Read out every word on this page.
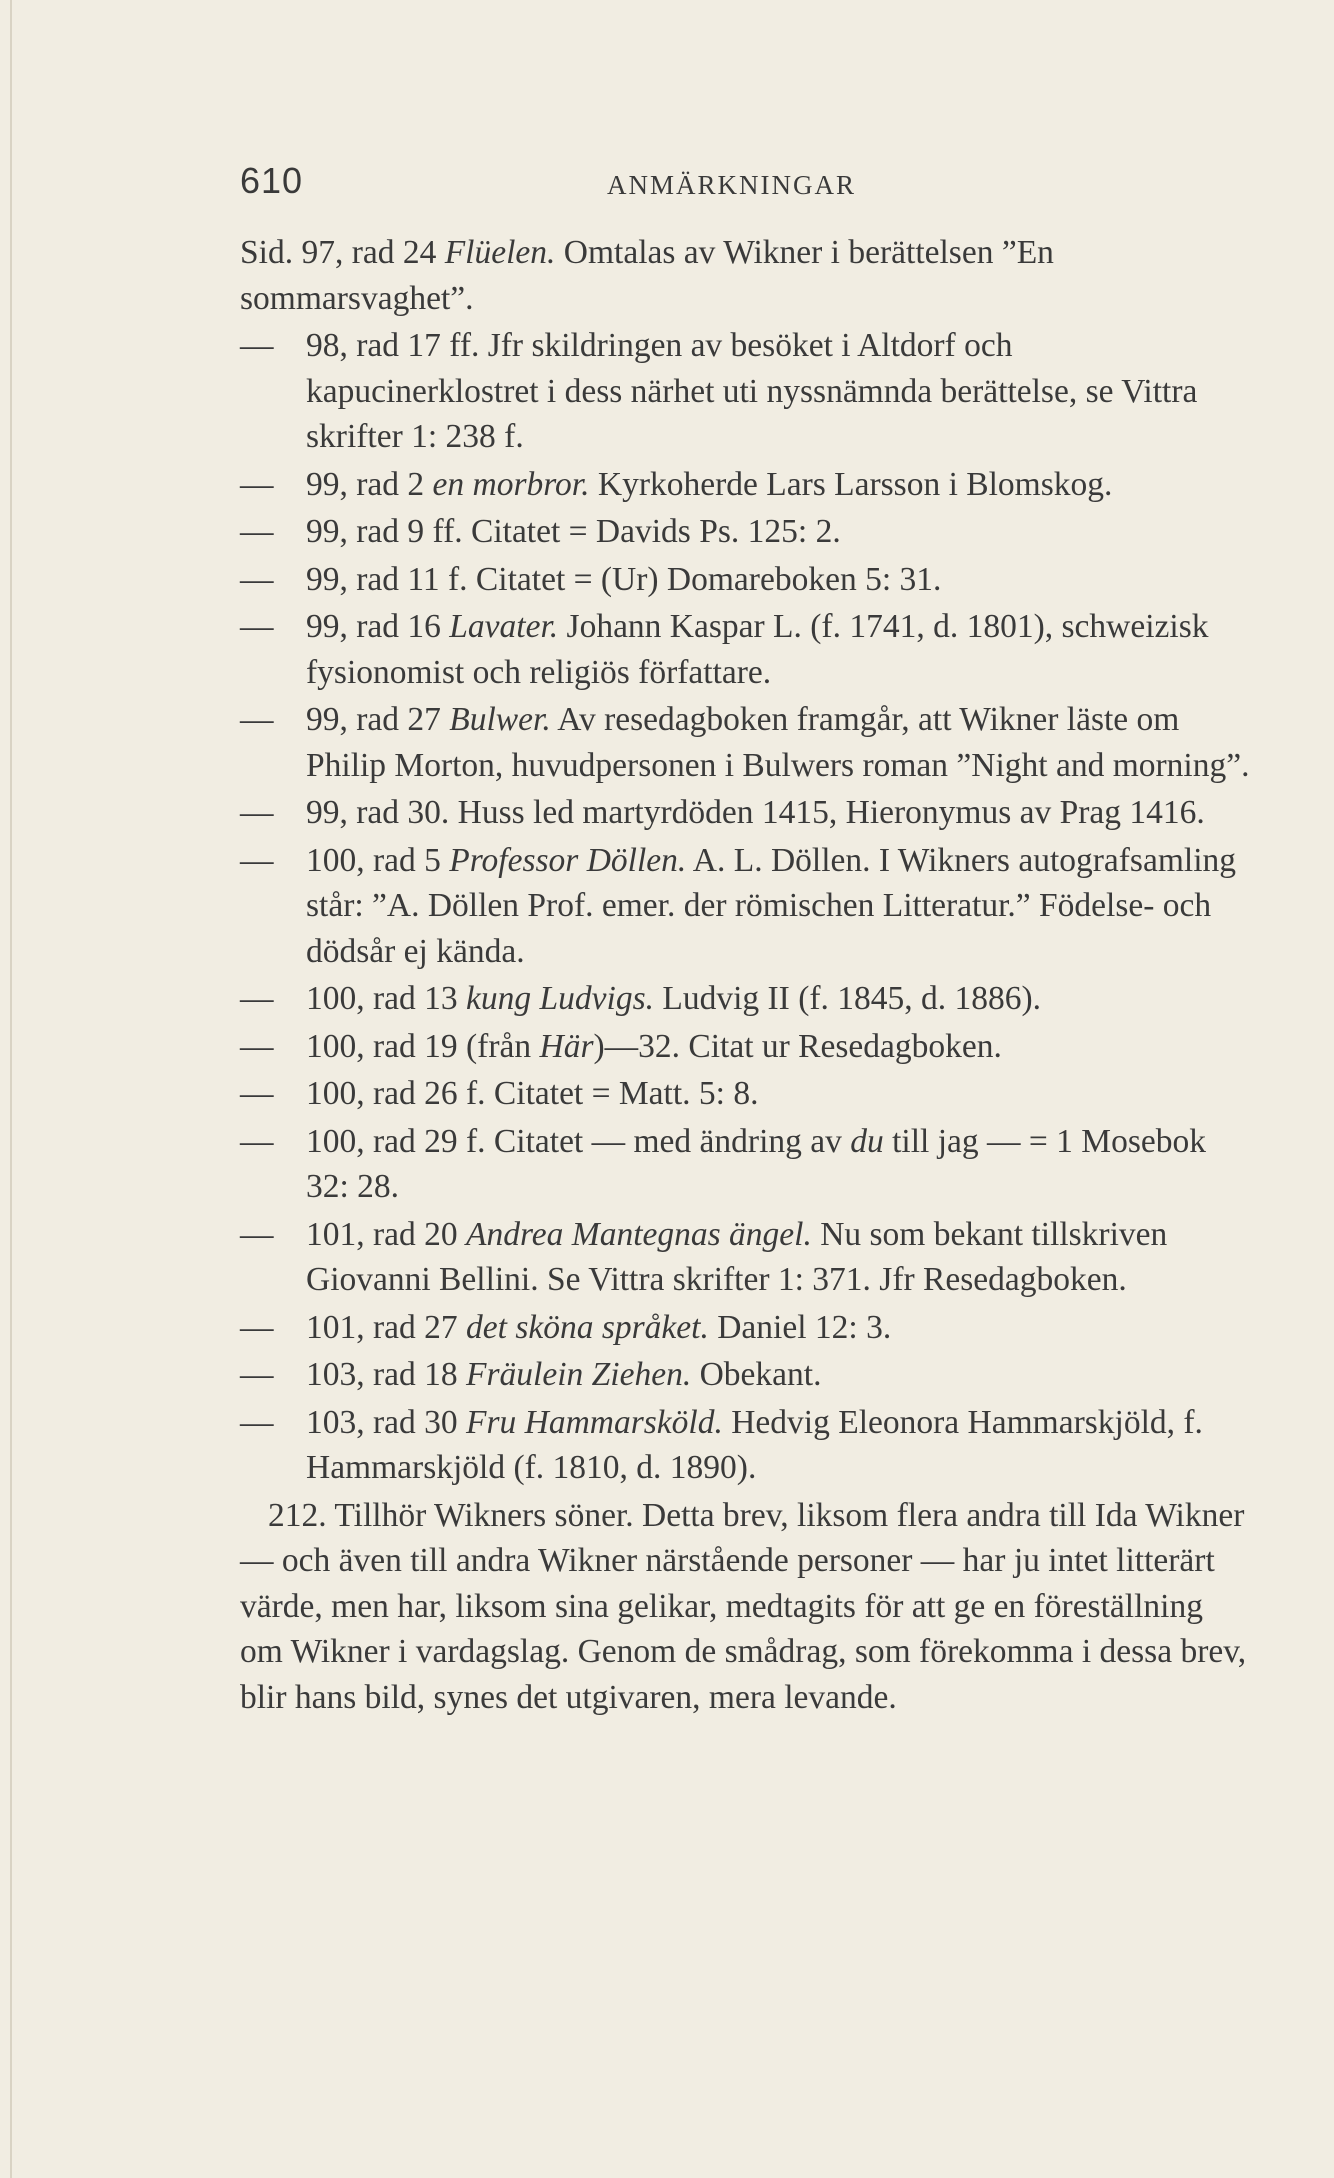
610	ANMÄRKNINGAR
Sid. 97, rad 24 Flüelen. Omtalas av Wikner i berättelsen ”En sommarsvaghet”.
— 98, rad 17 ff. Jfr skildringen av besöket i Altdorf och kapucinerklostret i dess närhet uti nyssnämnda berättelse, se Vittra skrifter 1: 238 f.
— 99, rad 2 en morbror. Kyrkoherde Lars Larsson i Blomskog.
— 99, rad 9 ff. Citatet = Davids Ps. 125: 2.
— 99, rad 11 f. Citatet = (Ur) Domareboken 5: 31.
— 99, rad 16 Lavater. Johann Kaspar L. (f. 1741, d. 1801), schweizisk fysionomist och religiös författare.
— 99, rad 27 Bulwer. Av resedagboken framgår, att Wikner läste om Philip Morton, huvudpersonen i Bulwers roman ”Night and morning”.
— 99, rad 30. Huss led martyrdöden 1415, Hieronymus av Prag 1416.
— 100, rad 5 Professor Döllen. A. L. Döllen. I Wikners autografsamling står: ”A. Döllen Prof. emer. der römischen Litteratur.” Födelse- och dödsår ej kända.
— 100, rad 13 kung Ludvigs. Ludvig II (f. 1845, d. 1886).
— 100, rad 19 (från Här)—32. Citat ur Resedagboken.
— 100, rad 26 f. Citatet = Matt. 5: 8.
— 100, rad 29 f. Citatet — med ändring av du till jag — = 1 Mosebok 32: 28.
— 101, rad 20 Andrea Mantegnas ängel. Nu som bekant tillskriven Giovanni Bellini. Se Vittra skrifter 1: 371. Jfr Resedagboken.
— 101, rad 27 det sköna språket. Daniel 12: 3.
— 103, rad 18 Fräulein Ziehen. Obekant.
— 103, rad 30 Fru Hammarsköld. Hedvig Eleonora Hammarskjöld, f. Hammarskjöld (f. 1810, d. 1890).
212. Tillhör Wikners söner. Detta brev, liksom flera andra till Ida Wikner — och även till andra Wikner närstående personer — har ju intet litterärt värde, men har, liksom sina gelikar, medtagits för att ge en föreställning om Wikner i vardagslag. Genom de smådrag, som förekomma i dessa brev, blir hans bild, synes det utgivaren, mera levande.
